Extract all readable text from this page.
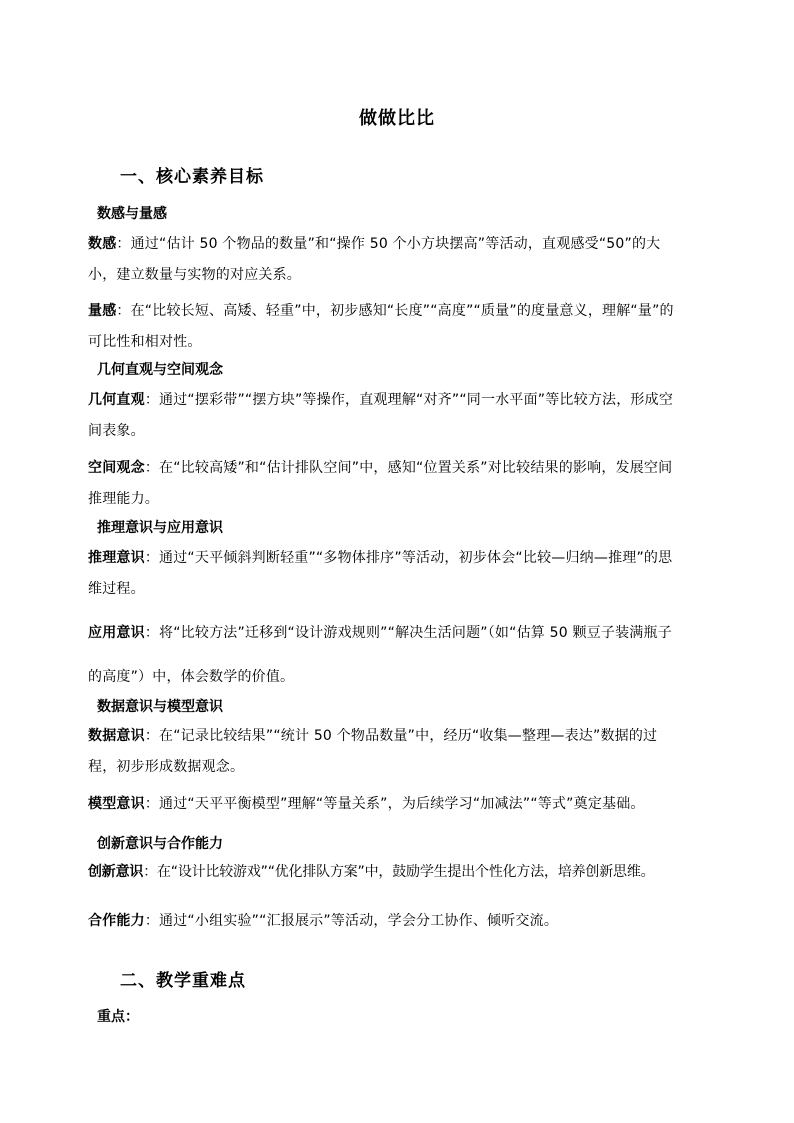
做做比比
一、核心素养目标
数感与量感
数感：通过“估计 50 个物品的数量”和“操作 50 个小方块摆高”等活动，直观感受“50”的大小，建立数量与实物的对应关系。
量感：在“比较长短、高矮、轻重”中，初步感知“长度”“高度”“质量”的度量意义，理解“量”的可比性和相对性。
几何直观与空间观念
几何直观：通过“摆彩带”“摆方块”等操作，直观理解“对齐”“同一水平面”等比较方法，形成空间表象。
空间观念：在“比较高矮”和“估计排队空间”中，感知“位置关系”对比较结果的影响，发展空间推理能力。
推理意识与应用意识
推理意识：通过“天平倾斜判断轻重”“多物体排序”等活动，初步体会“比较—归纳—推理”的思维过程。
应用意识：将“比较方法”迁移到“设计游戏规则”“解决生活问题”（如“估算 50 颗豆子装满瓶子的高度”）中，体会数学的价值。
数据意识与模型意识
数据意识：在“记录比较结果”“统计 50 个物品数量”中，经历“收集—整理—表达”数据的过程，初步形成数据观念。
模型意识：通过“天平平衡模型”理解“等量关系”，为后续学习“加减法”“等式”奠定基础。
创新意识与合作能力
创新意识：在“设计比较游戏”“优化排队方案”中，鼓励学生提出个性化方法，培养创新思维。
合作能力：通过“小组实验”“汇报展示”等活动，学会分工协作、倾听交流。
二、教学重难点
重点：
